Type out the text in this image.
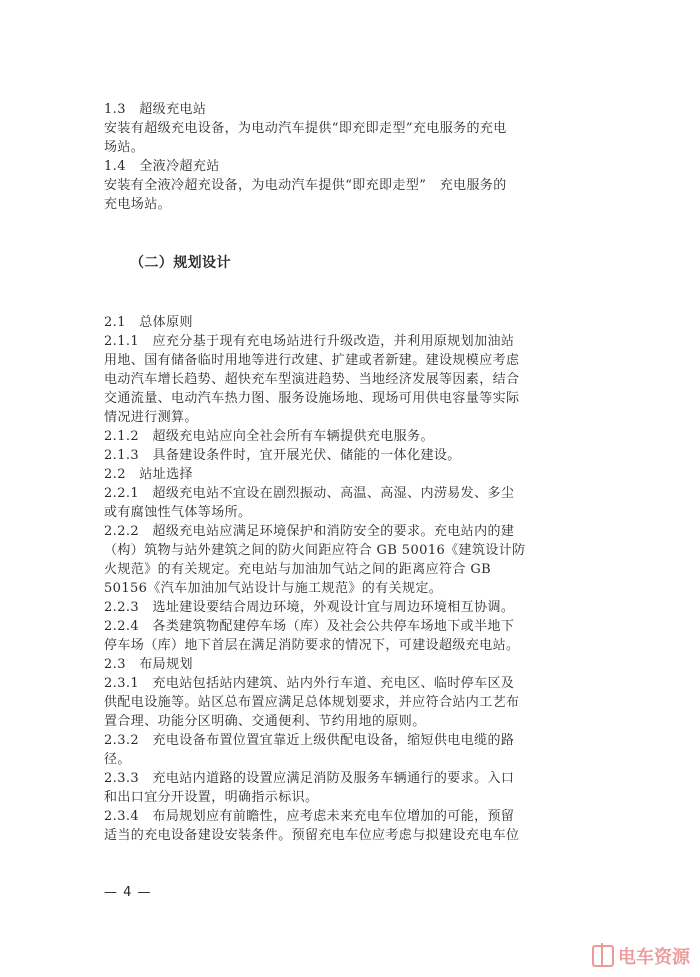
1.3　超级充电站
安装有超级充电设备，为电动汽车提供“即充即走型”充电服务的充电
场站。
1.4　全液冷超充站
安装有全液冷超充设备，为电动汽车提供“即充即走型”　充电服务的
充电场站。
（二）规划设计
2.1　总体原则
2.1.1　应充分基于现有充电场站进行升级改造，并利用原规划加油站
用地、国有储备临时用地等进行改建、扩建或者新建。建设规模应考虑
电动汽车增长趋势、超快充车型演进趋势、当地经济发展等因素，结合
交通流量、电动汽车热力图、服务设施场地、现场可用供电容量等实际
情况进行测算。
2.1.2　超级充电站应向全社会所有车辆提供充电服务。
2.1.3　具备建设条件时，宜开展光伏、储能的一体化建设。
2.2　站址选择
2.2.1　超级充电站不宜设在剧烈振动、高温、高湿、内涝易发、多尘
或有腐蚀性气体等场所。
2.2.2　超级充电站应满足环境保护和消防安全的要求。充电站内的建
（构）筑物与站外建筑之间的防火间距应符合 GB 50016《建筑设计防
火规范》的有关规定。充电站与加油加气站之间的距离应符合 GB
50156《汽车加油加气站设计与施工规范》的有关规定。
2.2.3　选址建设要结合周边环境，外观设计宜与周边环境相互协调。
2.2.4　各类建筑物配建停车场（库）及社会公共停车场地下或半地下
停车场（库）地下首层在满足消防要求的情况下，可建设超级充电站。
2.3　布局规划
2.3.1　充电站包括站内建筑、站内外行车道、充电区、临时停车区及
供配电设施等。站区总布置应满足总体规划要求，并应符合站内工艺布
置合理、功能分区明确、交通便利、节约用地的原则。
2.3.2　充电设备布置位置宜靠近上级供配电设备，缩短供电电缆的路
径。
2.3.3　充电站内道路的设置应满足消防及服务车辆通行的要求。入口
和出口宜分开设置，明确指示标识。
2.3.4　布局规划应有前瞻性，应考虑未来充电车位增加的可能，预留
适当的充电设备建设安装条件。预留充电车位应考虑与拟建设充电车位
— 4 —
电车资源
